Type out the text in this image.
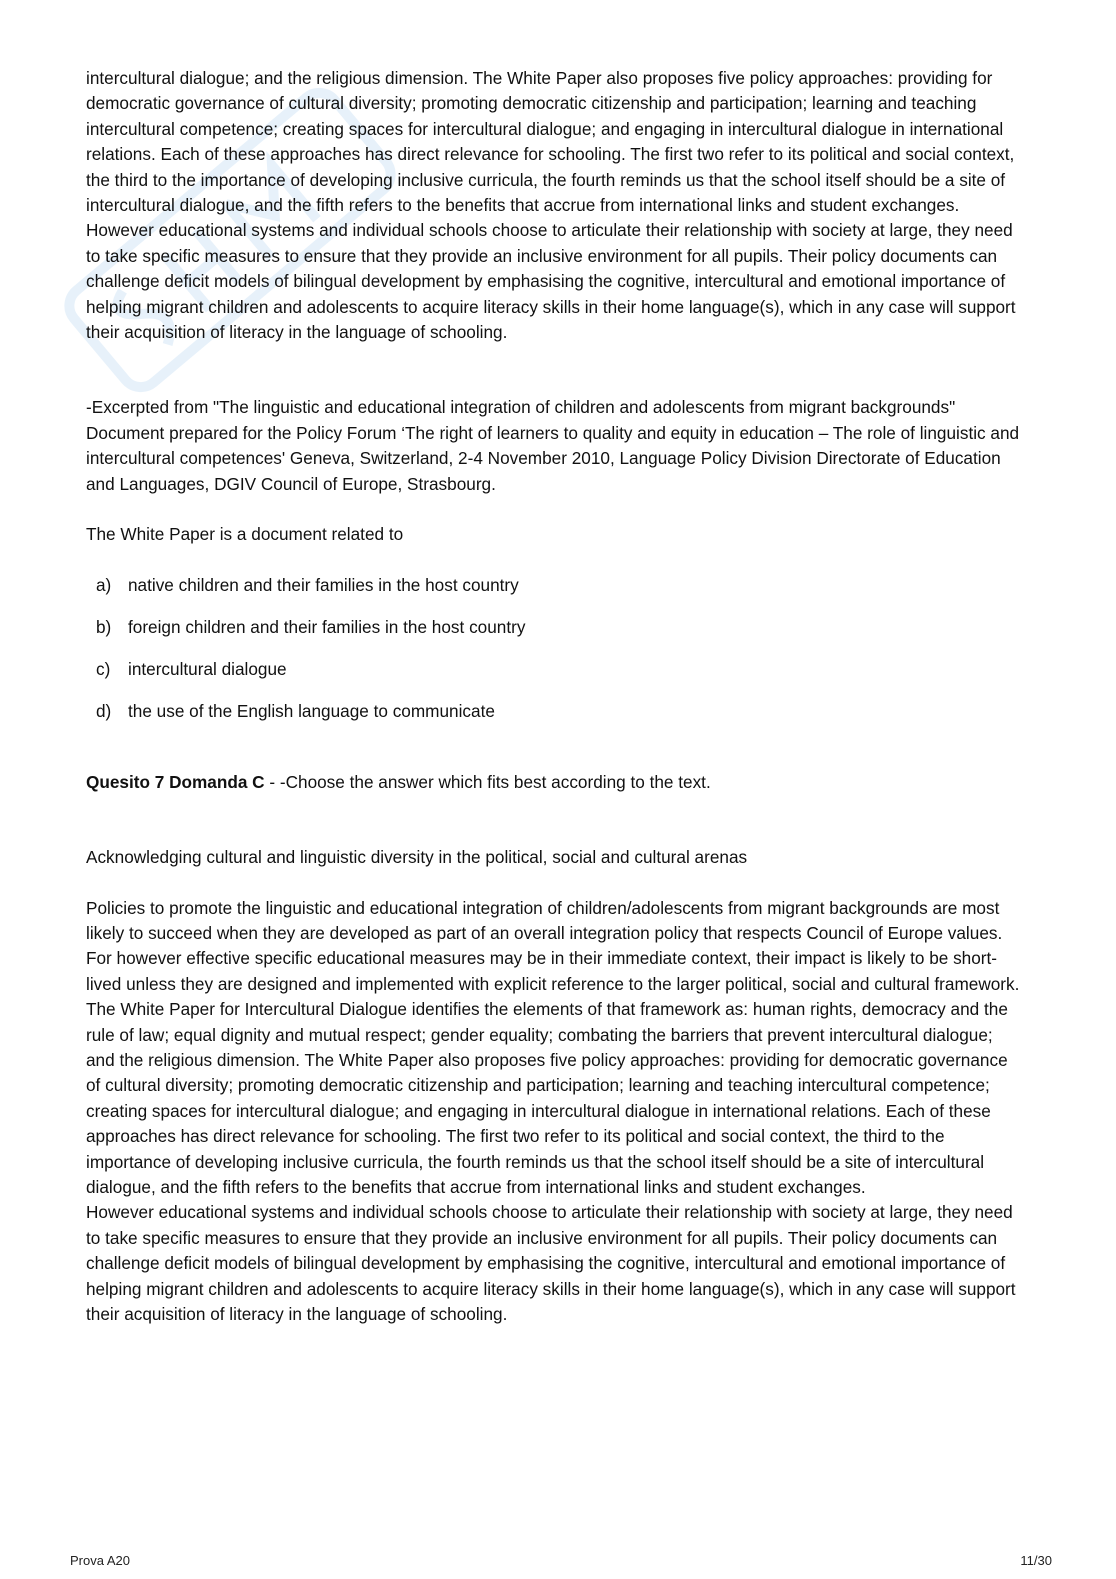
intercultural dialogue; and the religious dimension. The White Paper also proposes five policy approaches: providing for democratic governance of cultural diversity; promoting democratic citizenship and participation; learning and teaching intercultural competence; creating spaces for intercultural dialogue; and engaging in intercultural dialogue in international relations. Each of these approaches has direct relevance for schooling. The first two refer to its political and social context, the third to the importance of developing inclusive curricula, the fourth reminds us that the school itself should be a site of intercultural dialogue, and the fifth refers to the benefits that accrue from international links and student exchanges.

However educational systems and individual schools choose to articulate their relationship with society at large, they need to take specific measures to ensure that they provide an inclusive environment for all pupils. Their policy documents can challenge deficit models of bilingual development by emphasising the cognitive, intercultural and emotional importance of helping migrant children and adolescents to acquire literacy skills in their home language(s), which in any case will support their acquisition of literacy in the language of schooling.

-Excerpted from "The linguistic and educational integration of children and adolescents from migrant backgrounds"

Document prepared for the Policy Forum ‘The right of learners to quality and equity in education – The role of linguistic and intercultural competences' Geneva, Switzerland, 2-4 November 2010, Language Policy Division Directorate of Education and Languages, DGIV Council of Europe, Strasbourg.

The White Paper is a document related to

a) native children and their families in the host country
b) foreign children and their families in the host country
c)	intercultural dialogue
d) the use of the English language to communicate

Quesito 7 Domanda C - -Choose the answer which fits best according to the text.

Acknowledging cultural and linguistic diversity in the political, social and cultural arenas

Policies to promote the linguistic and educational integration of children/adolescents from migrant backgrounds are most likely to succeed when they are developed as part of an overall integration policy that respects Council of Europe values. For however effective specific educational measures may be in their immediate context, their impact is likely to be short-lived unless they are designed and implemented with explicit reference to the larger political, social and cultural framework.

The White Paper for Intercultural Dialogue identifies the elements of that framework as: human rights, democracy and the rule of law; equal dignity and mutual respect; gender equality; combating the barriers that prevent intercultural dialogue; and the religious dimension. The White Paper also proposes five policy approaches: providing for democratic governance of cultural diversity; promoting democratic citizenship and participation; learning and teaching intercultural competence; creating spaces for intercultural dialogue; and engaging in intercultural dialogue in international relations. Each of these approaches has direct relevance for schooling. The first two refer to its political and social context, the third to the importance of developing inclusive curricula, the fourth reminds us that the school itself should be a site of intercultural dialogue, and the fifth refers to the benefits that accrue from international links and student exchanges.

However educational systems and individual schools choose to articulate their relationship with society at large, they need to take specific measures to ensure that they provide an inclusive environment for all pupils. Their policy documents can challenge deficit models of bilingual development by emphasising the cognitive, intercultural and emotional importance of helping migrant children and adolescents to acquire literacy skills in their home language(s), which in any case will support their acquisition of literacy in the language of schooling.

Prova A20	11/30
